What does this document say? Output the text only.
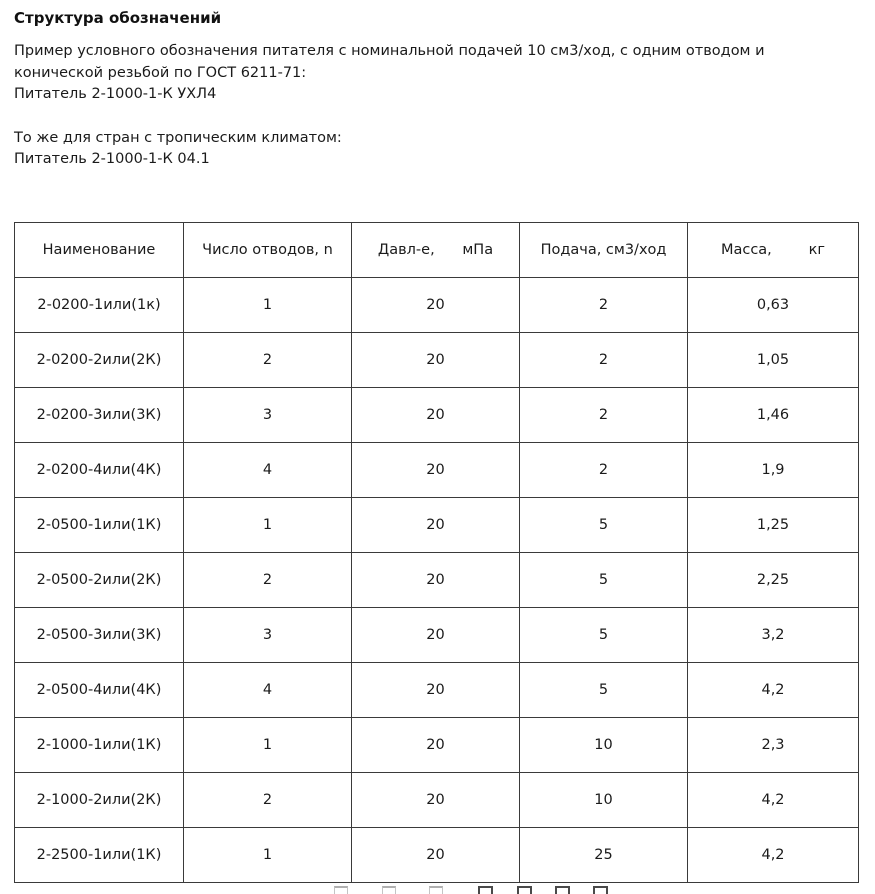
Структура обозначений
Пример условного обозначения питателя с номинальной подачей 10 см3/ход, с одним отводом и конической резьбой по ГОСТ 6211-71:
Питатель 2-1000-1-К УХЛ4
То же для стран с тропическим климатом:
Питатель 2-1000-1-К 04.1
Наименование	Число отводов, n	Давл-е,      мПа	Подача, см3/ход	Масса,        кг
2-0200-1или(1к)	1	20	2	0,63
2-0200-2или(2К)	2	20	2	1,05
2-0200-3или(3К)	3	20	2	1,46
2-0200-4или(4К)	4	20	2	1,9
2-0500-1или(1К)	1	20	5	1,25
2-0500-2или(2К)	2	20	5	2,25
2-0500-3или(3К)	3	20	5	3,2
2-0500-4или(4К)	4	20	5	4,2
2-1000-1или(1К)	1	20	10	2,3
2-1000-2или(2К)	2	20	10	4,2
2-2500-1или(1К)	1	20	25	4,2
